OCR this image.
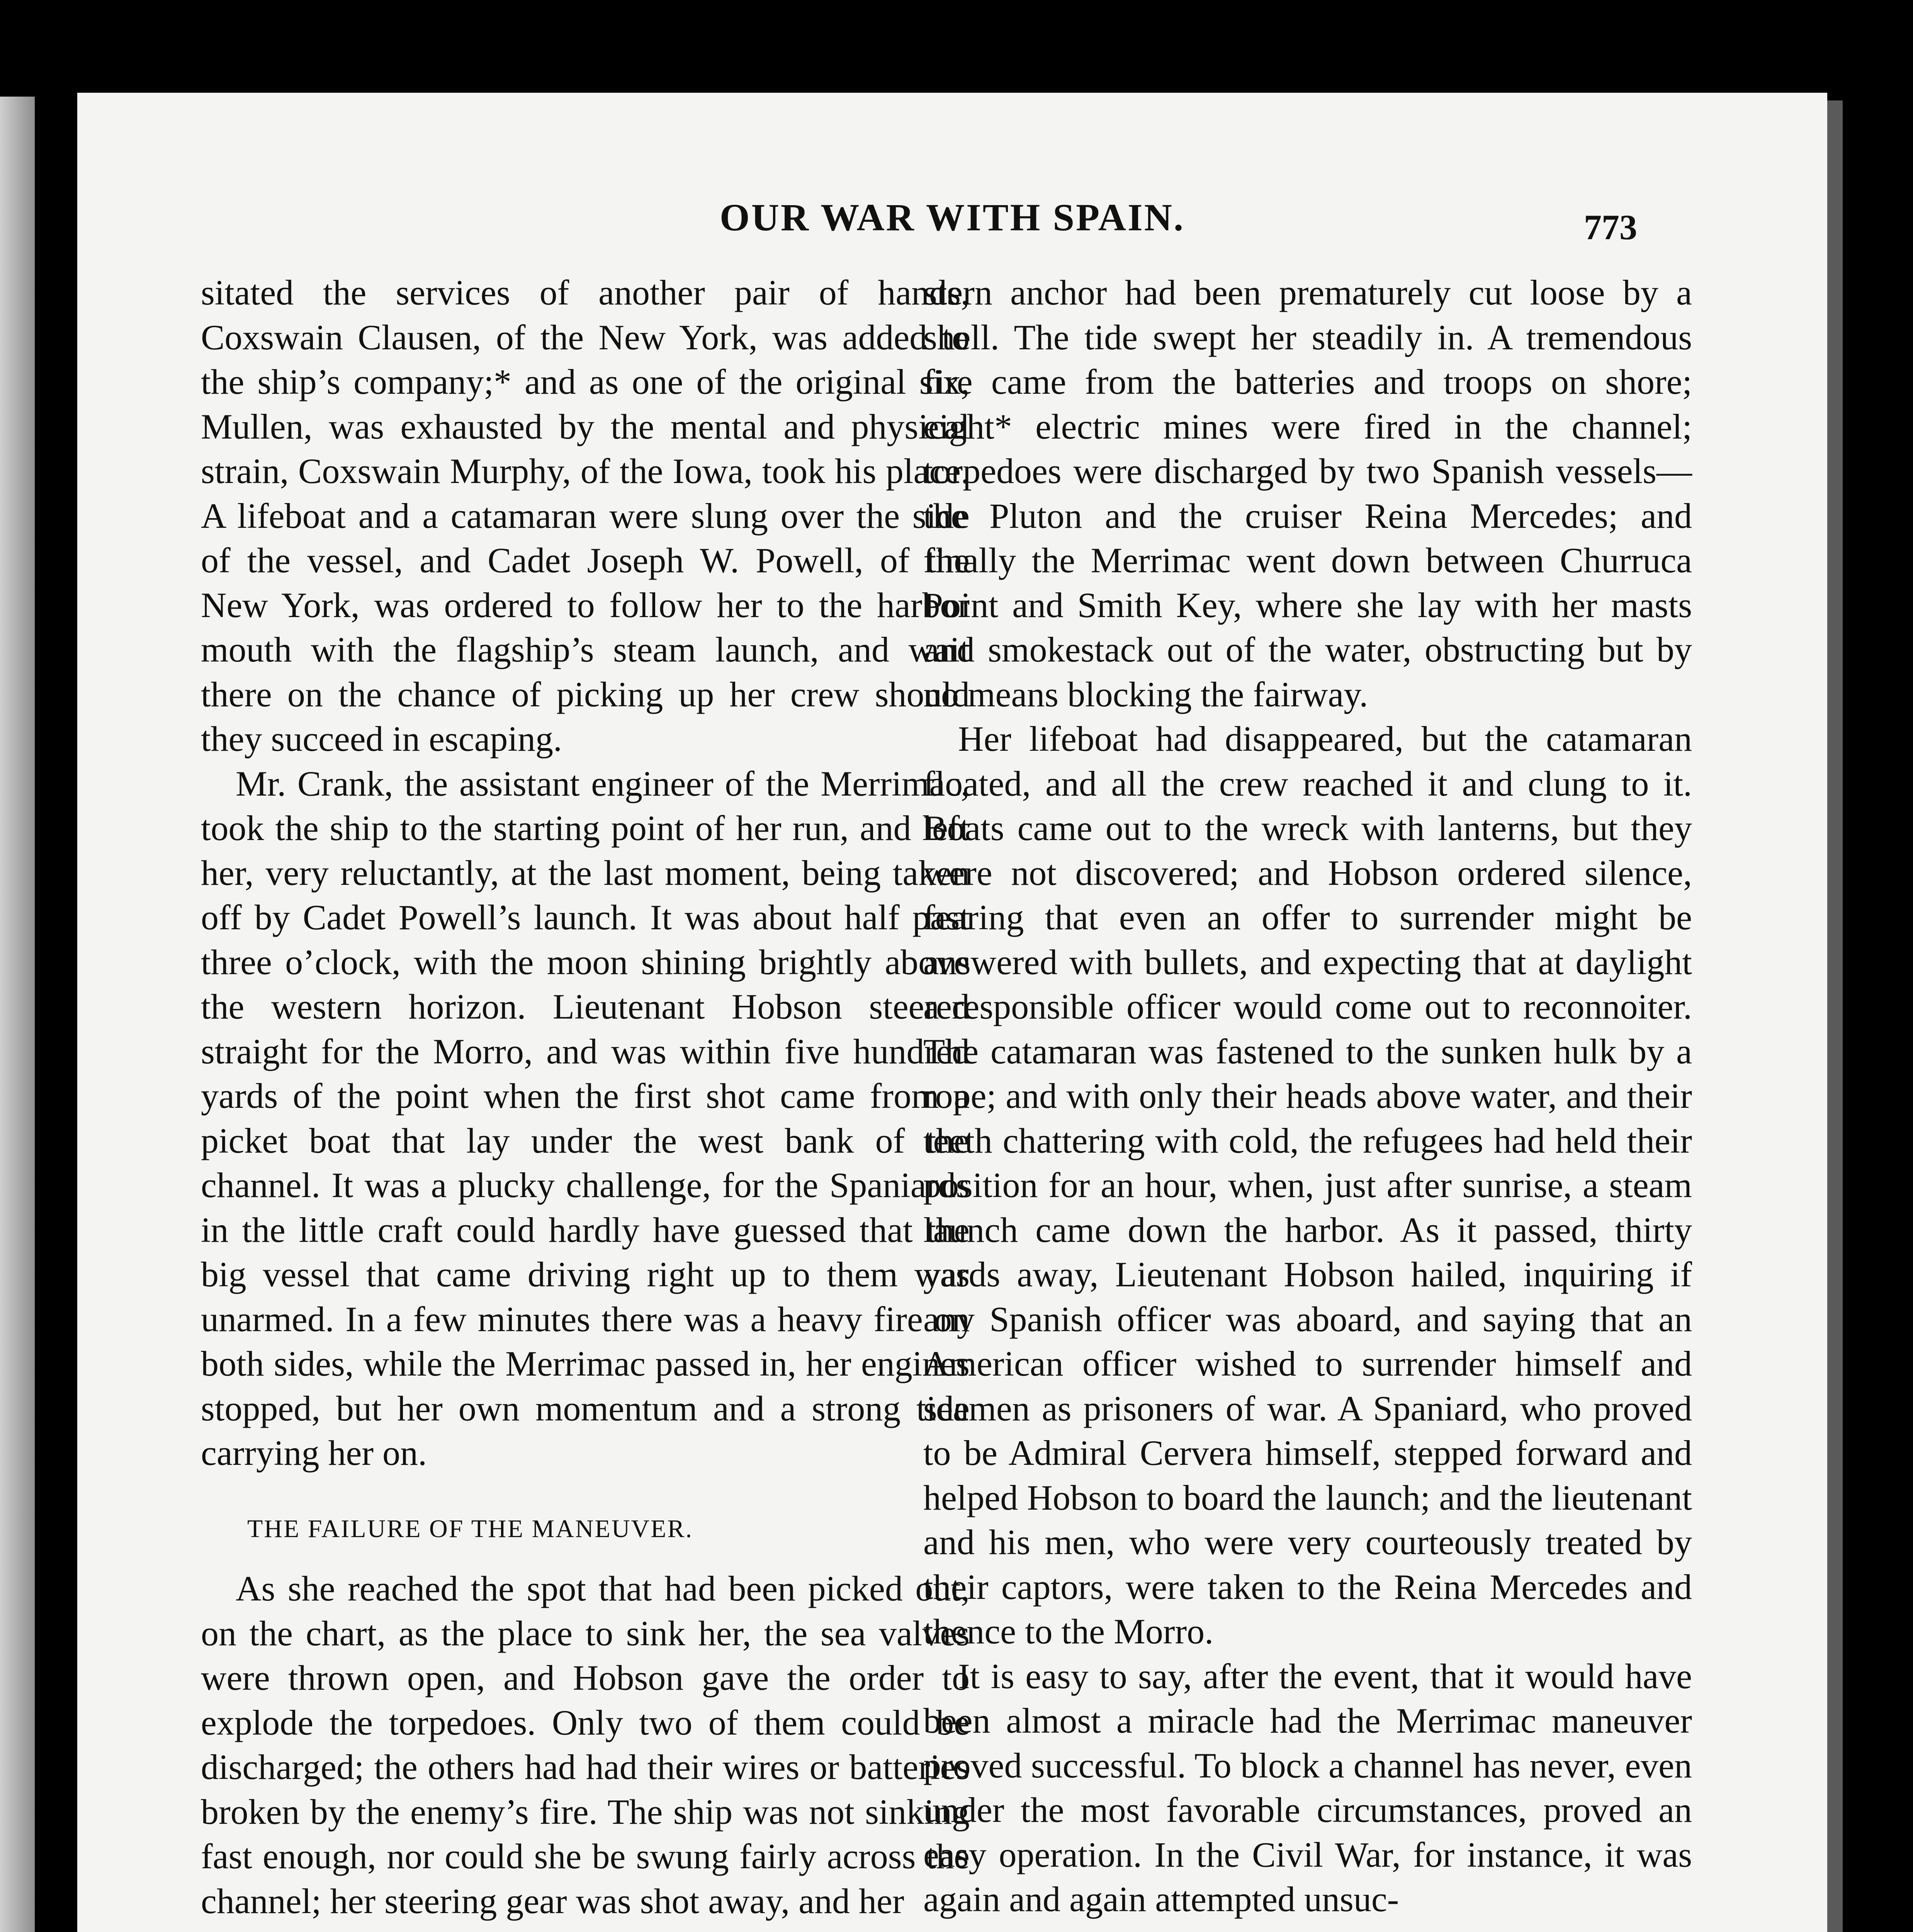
OUR WAR WITH SPAIN.	773

sitated the services of another pair of hands, Coxswain Clausen, of the New York, was added to the ship’s company;* and as one of the original six, Mullen, was exhausted by the mental and physical strain, Coxswain Murphy, of the Iowa, took his place. A lifeboat and a catamaran were slung over the side of the vessel, and Cadet Joseph W. Powell, of the New York, was ordered to follow her to the harbor mouth with the flagship’s steam launch, and wait there on the chance of picking up her crew should they succeed in escaping.

Mr. Crank, the assistant engineer of the Merrimac, took the ship to the starting point of her run, and left her, very reluctantly, at the last moment, being taken off by Cadet Powell’s launch. It was about half past three o’clock, with the moon shining brightly above the western horizon. Lieutenant Hobson steered straight for the Morro, and was within five hundred yards of the point when the first shot came from a picket boat that lay under the west bank of the channel. It was a plucky challenge, for the Spaniards in the little craft could hardly have guessed that the big vessel that came driving right up to them was unarmed. In a few minutes there was a heavy fire on both sides, while the Merrimac passed in, her engines stopped, but her own momentum and a strong tide carrying her on.

THE FAILURE OF THE MANEUVER.

As she reached the spot that had been picked out, on the chart, as the place to sink her, the sea valves were thrown open, and Hobson gave the order to explode the torpedoes. Only two of them could be discharged; the others had had their wires or batteries broken by the enemy’s fire. The ship was not sinking fast enough, nor could she be swung fairly across the channel; her steering gear was shot away, and her

stern anchor had been prematurely cut loose by a shell. The tide swept her steadily in. A tremendous fire came from the batteries and troops on shore; eight* electric mines were fired in the channel; torpedoes were discharged by two Spanish vessels—the Pluton and the cruiser Reina Mercedes; and finally the Merrimac went down between Churruca Point and Smith Key, where she lay with her masts and smokestack out of the water, obstructing but by no means blocking the fairway.

Her lifeboat had disappeared, but the catamaran floated, and all the crew reached it and clung to it. Boats came out to the wreck with lanterns, but they were not discovered; and Hobson ordered silence, fearing that even an offer to surrender might be answered with bullets, and expecting that at daylight a responsible officer would come out to reconnoiter. The catamaran was fastened to the sunken hulk by a rope; and with only their heads above water, and their teeth chattering with cold, the refugees had held their position for an hour, when, just after sunrise, a steam launch came down the harbor. As it passed, thirty yards away, Lieutenant Hobson hailed, inquiring if any Spanish officer was aboard, and saying that an American officer wished to surrender himself and seamen as prisoners of war. A Spaniard, who proved to be Admiral Cervera himself, stepped forward and helped Hobson to board the launch; and the lieutenant and his men, who were very courteously treated by their captors, were taken to the Reina Mercedes and thence to the Morro.

It is easy to say, after the event, that it would have been almost a miracle had the Merrimac maneuver proved successful. To block a channel has never, even under the most favorable circumstances, proved an easy operation. In the Civil War, for instance, it was again and again attempted unsuc-
